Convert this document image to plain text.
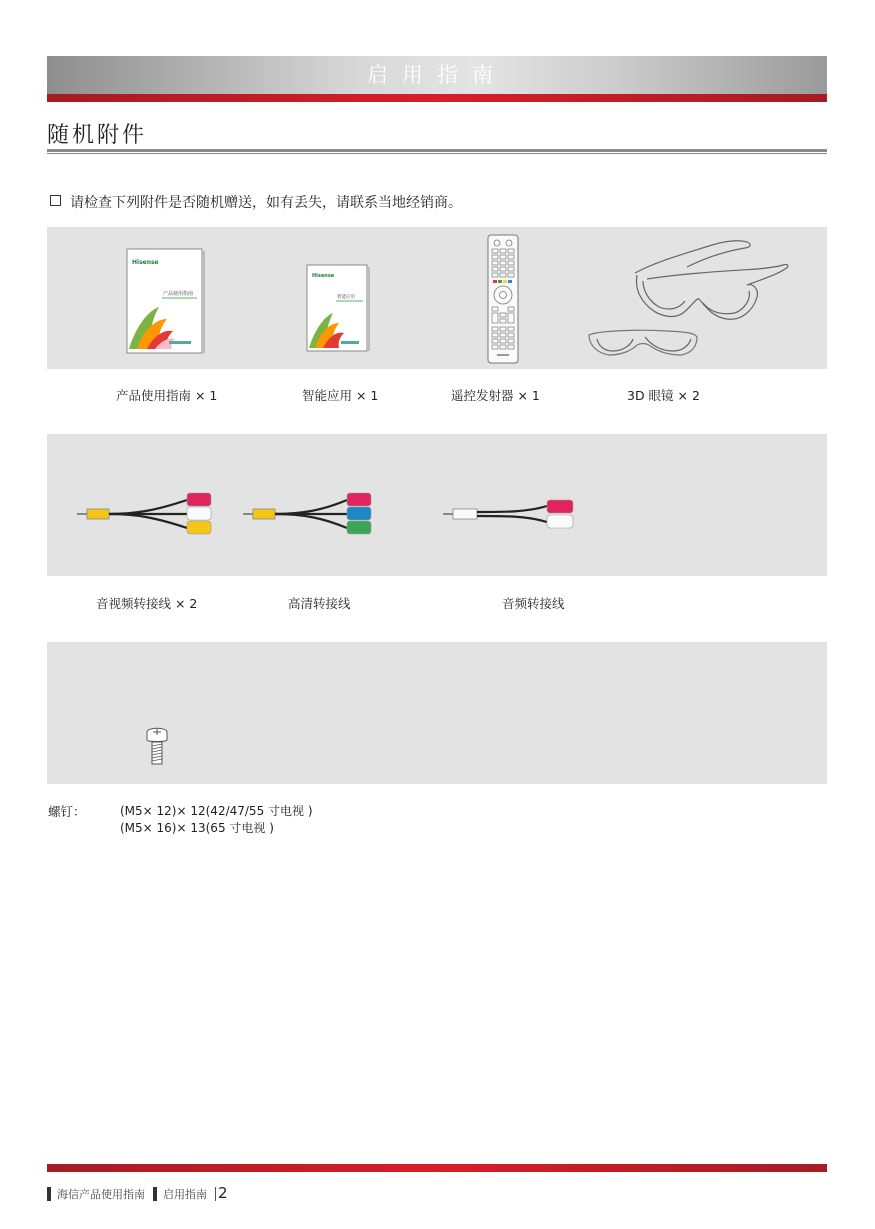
启用指南
随机附件
请检查下列附件是否随机赠送，如有丢失，请联系当地经销商。
Hisense
产品使用指南
Hisense
智能应用
产品使用指南 × 1	智能应用 × 1	遥控发射器 × 1	3D 眼镜 × 2
音视频转接线 × 2	高清转接线	音频转接线
螺钉：	(M5× 12)× 12(42/47/55 寸电视 )
(M5× 16)× 13(65 寸电视 )
海信产品使用指南 启用指南 2
